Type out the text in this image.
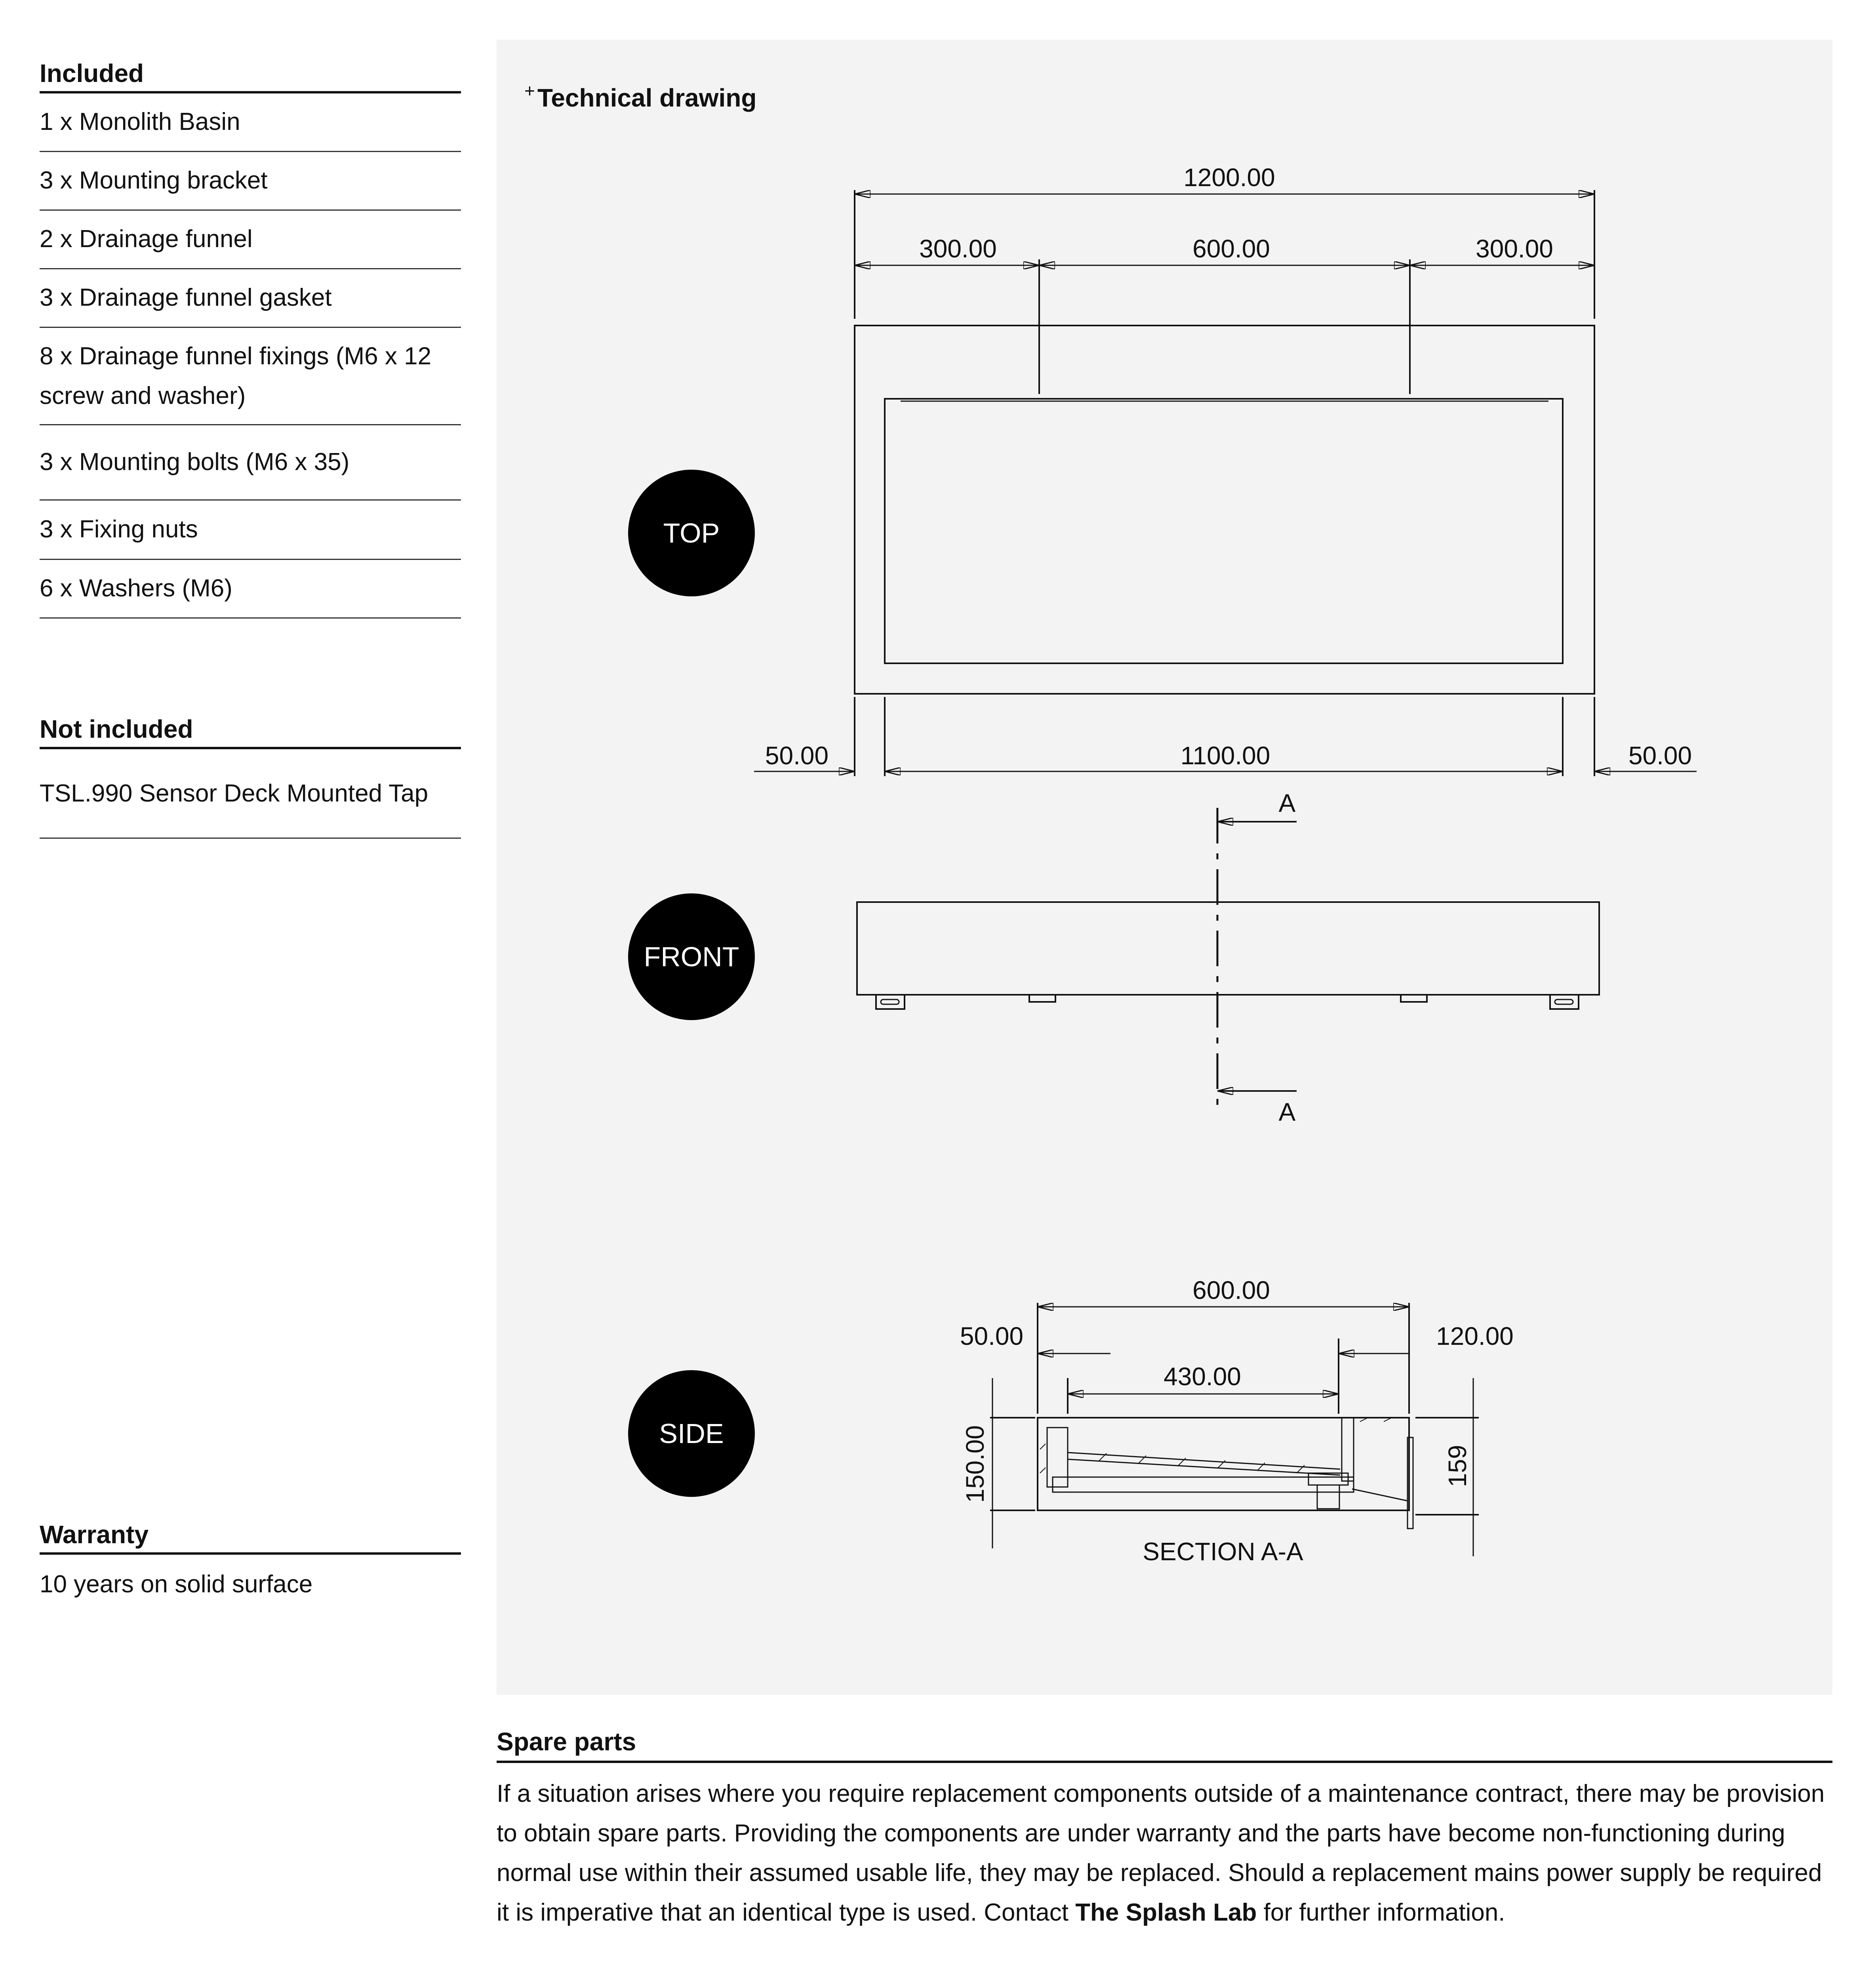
Included
1 x Monolith Basin
3 x Mounting bracket
2 x Drainage funnel
3 x Drainage funnel gasket
8 x Drainage funnel fixings (M6 x 12 screw and washer)
3 x Mounting bolts (M6 x 35)
3 x Fixing nuts
6 x Washers (M6)
Not included
TSL.990 Sensor Deck Mounted Tap
Warranty
10 years on solid surface
+Technical drawing
TOP
FRONT
SIDE
1200.00
300.00	600.00	300.00
50.00	1100.00	50.00
A
A
600.00
50.00	120.00
430.00
150.00	159
SECTION A-A
Spare parts
If a situation arises where you require replacement components outside of a maintenance contract, there may be provision to obtain spare parts. Providing the components are under warranty and the parts have become non-functioning during normal use within their assumed usable life, they may be replaced. Should a replacement mains power supply be required it is imperative that an identical type is used. Contact The Splash Lab for further information.
